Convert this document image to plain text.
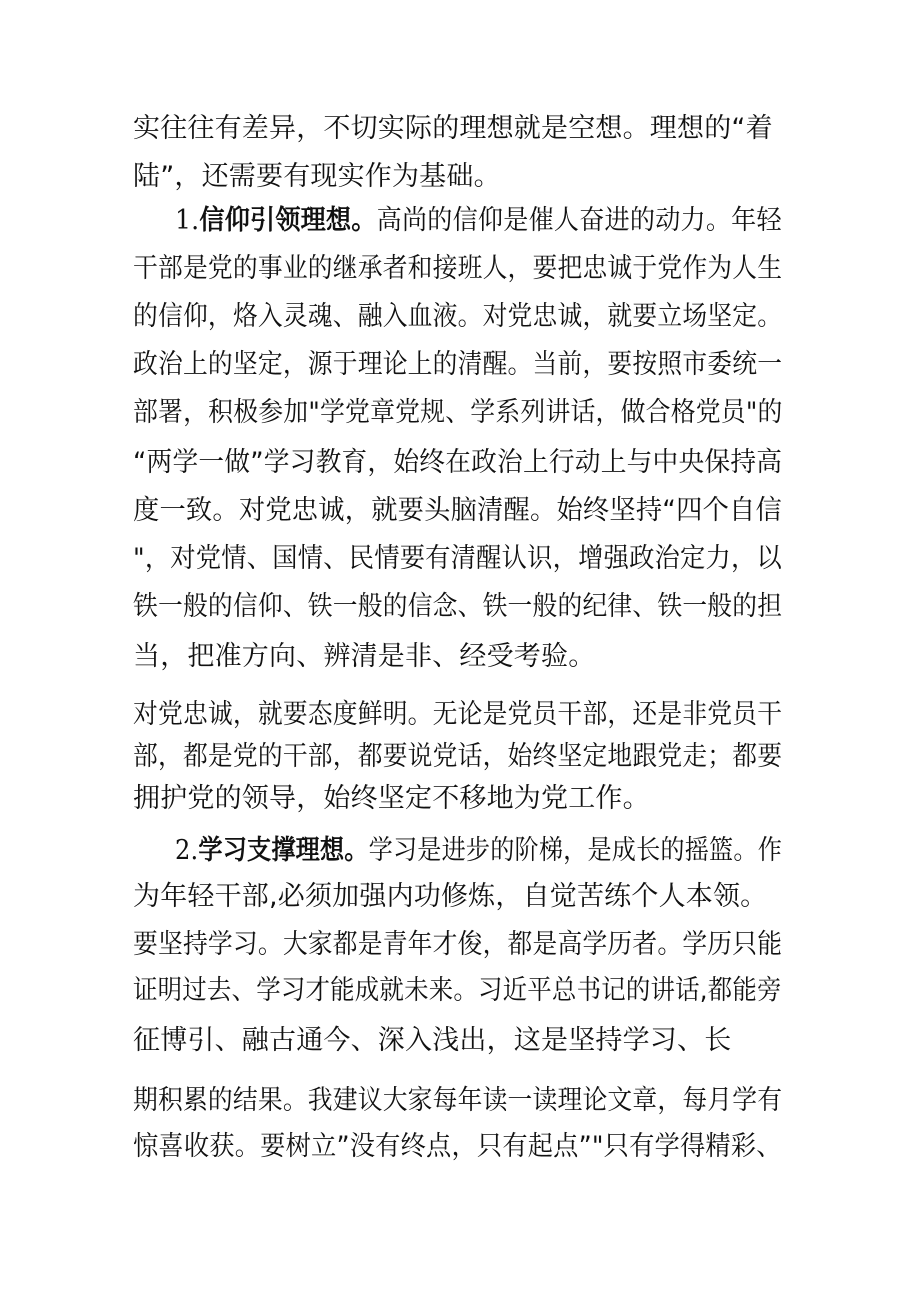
实往往有差异，不切实际的理想就是空想。理想的“着
陆”，还需要有现实作为基础。
1.信仰引领理想。高尚的信仰是催人奋进的动力。年轻
干部是党的事业的继承者和接班人，要把忠诚于党作为人生
的信仰，烙入灵魂、融入血液。对党忠诚，就要立场坚定。
政治上的坚定，源于理论上的清醒。当前，要按照市委统一
部署，积极参加"学党章党规、学系列讲话，做合格党员"的
“两学一做”学习教育，始终在政治上行动上与中央保持高
度一致。对党忠诚，就要头脑清醒。始终坚持“四个自信
"，对党情、国情、民情要有清醒认识，增强政治定力，以
铁一般的信仰、铁一般的信念、铁一般的纪律、铁一般的担
当，把准方向、辨清是非、经受考验。
对党忠诚，就要态度鲜明。无论是党员干部，还是非党员干
部，都是党的干部，都要说党话，始终坚定地跟党走；都要
拥护党的领导，始终坚定不移地为党工作。
2.学习支撑理想。学习是进步的阶梯，是成长的摇篮。作
为年轻干部,必须加强内功修炼，自觉苦练个人本领。
要坚持学习。大家都是青年才俊，都是高学历者。学历只能
证明过去、学习才能成就未来。习近平总书记的讲话,都能旁
征博引、融古通今、深入浅出，这是坚持学习、长
期积累的结果。我建议大家每年读一读理论文章，每月学有
惊喜收获。要树立”没有终点，只有起点”"只有学得精彩、
